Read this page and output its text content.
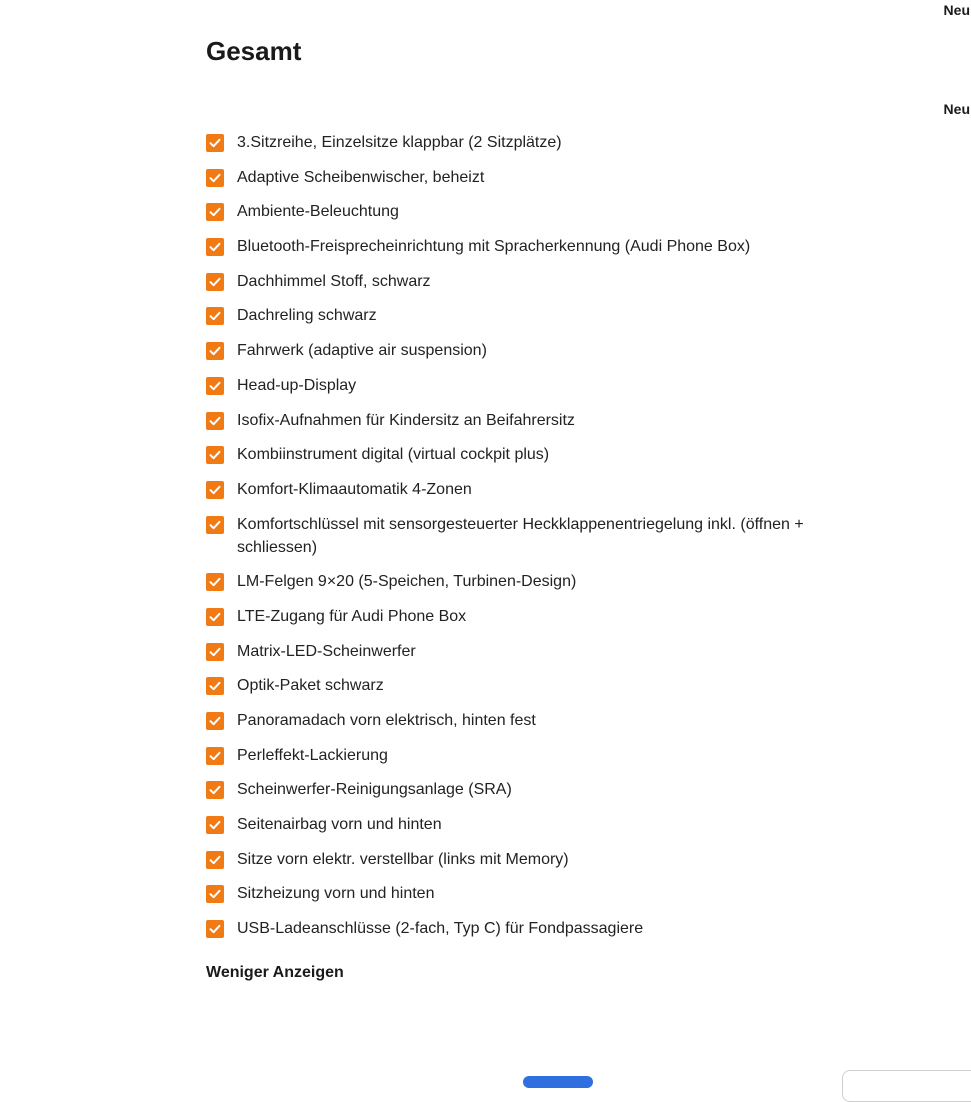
Neu
Neu
Gesamt
3.Sitzreihe, Einzelsitze klappbar (2 Sitzplätze)
Adaptive Scheibenwischer, beheizt
Ambiente-Beleuchtung
Bluetooth-Freisprecheinrichtung mit Spracherkennung (Audi Phone Box)
Dachhimmel Stoff, schwarz
Dachreling schwarz
Fahrwerk (adaptive air suspension)
Head-up-Display
Isofix-Aufnahmen für Kindersitz an Beifahrersitz
Kombiinstrument digital (virtual cockpit plus)
Komfort-Klimaautomatik 4-Zonen
Komfortschlüssel mit sensorgesteuerter Heckklappenentriegelung inkl. (öffnen + schliessen)
LM-Felgen 9×20 (5-Speichen, Turbinen-Design)
LTE-Zugang für Audi Phone Box
Matrix-LED-Scheinwerfer
Optik-Paket schwarz
Panoramadach vorn elektrisch, hinten fest
Perleffekt-Lackierung
Scheinwerfer-Reinigungsanlage (SRA)
Seitenairbag vorn und hinten
Sitze vorn elektr. verstellbar (links mit Memory)
Sitzheizung vorn und hinten
USB-Ladeanschlüsse (2-fach, Typ C) für Fondpassagiere
Weniger Anzeigen
